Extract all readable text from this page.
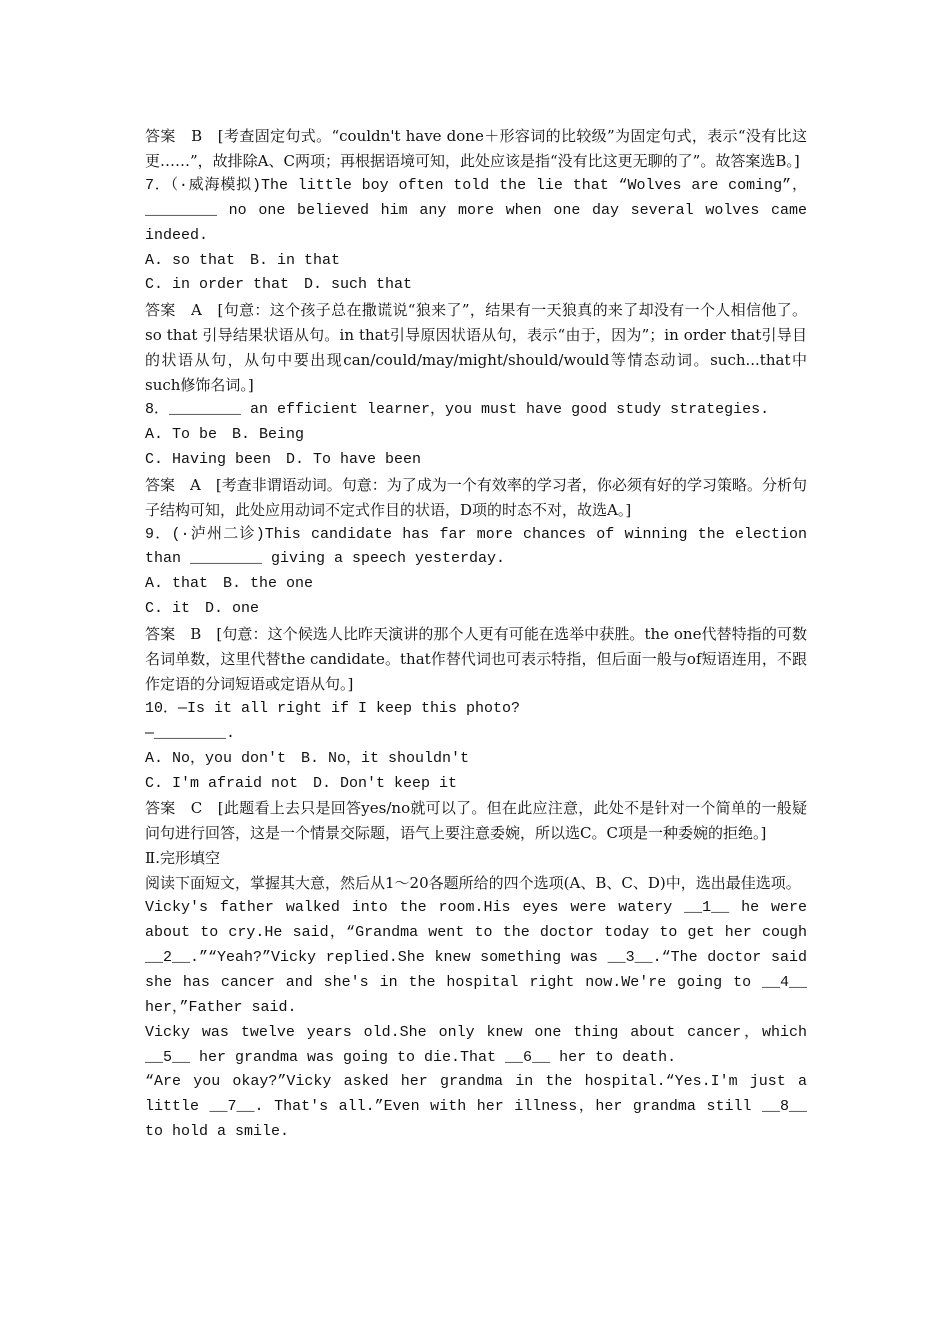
答案　B　[考查固定句式。“couldn't have done＋形容词的比较级”为固定句式，表示“没有比这更……”，故排除A、C两项；再根据语境可知，此处应该是指“没有比这更无聊的了”。故答案选B。]

7．（·威海模拟)The little boy often told the lie that “Wolves are coming”，________ no one believed him any more when one day several wolves came indeed.

A. so that　B. in that

C. in order that　D. such that

答案　A　[句意：这个孩子总在撒谎说“狼来了”，结果有一天狼真的来了却没有一个人相信他了。so that 引导结果状语从句。in that引导原因状语从句，表示“由于，因为”；in order that引导目的状语从句，从句中要出现can/could/may/might/should/would等情态动词。such...that中such修饰名词。]

8．________ an efficient learner，you must have good study strategies.

A. To be　B. Being

C. Having been　D. To have been

答案　A　[考查非谓语动词。句意：为了成为一个有效率的学习者，你必须有好的学习策略。分析句子结构可知，此处应用动词不定式作目的状语，D项的时态不对，故选A。]

9．(·泸州二诊)This candidate has far more chances of winning the election than ________ giving a speech yesterday.

A. that　B. the one

C. it　D. one

答案　B　[句意：这个候选人比昨天演讲的那个人更有可能在选举中获胜。the one代替特指的可数名词单数，这里代替the candidate。that作替代词也可表示特指，但后面一般与of短语连用，不跟作定语的分词短语或定语从句。]

10．—Is it all right if I keep this photo?

—________.

A. No，you don't　B. No，it shouldn't

C. I'm afraid not　D. Don't keep it

答案　C　[此题看上去只是回答yes/no就可以了。但在此应注意，此处不是针对一个简单的一般疑问句进行回答，这是一个情景交际题，语气上要注意委婉，所以选C。C项是一种委婉的拒绝。]

Ⅱ.完形填空

阅读下面短文，掌握其大意，然后从1～20各题所给的四个选项(A、B、C、D)中，选出最佳选项。

Vicky's father walked into the room.His eyes were watery __1__ he were about to cry.He said，“Grandma went to the doctor today to get her cough __2__.”“Yeah?”Vicky replied.She knew something was __3__.“The doctor said she has cancer and she's in the hospital right now.We're going to __4__ her，”Father said.

Vicky was twelve years old.She only knew one thing about cancer，which __5__ her grandma was going to die.That __6__ her to death.

“Are you okay?”Vicky asked her grandma in the hospital.“Yes.I'm just a little __7__. That's all.”Even with her illness，her grandma still __8__ to hold a smile.
